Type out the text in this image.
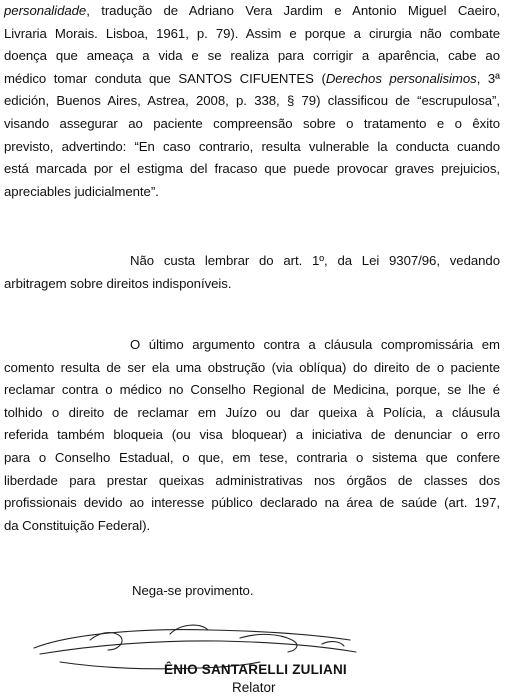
personalidade, tradução de Adriano Vera Jardim e Antonio Miguel Caeiro,
Livraria Morais. Lisboa, 1961, p. 79). Assim e porque a cirurgia não combate
doença que ameaça a vida e se realiza para corrigir a aparência, cabe ao
médico tomar conduta que SANTOS CIFUENTES (Derechos personalisimos, 3ª
edición, Buenos Aires, Astrea, 2008, p. 338, § 79) classificou de “escrupulosa”,
visando assegurar ao paciente compreensão sobre o tratamento e o êxito
previsto, advertindo: “En caso contrario, resulta vulnerable la conducta cuando
está marcada por el estigma del fracaso que puede provocar graves prejuicios,
apreciables judicialmente”.
Não custa lembrar do art. 1º, da Lei 9307/96, vedando
arbitragem sobre direitos indisponíveis.
O último argumento contra a cláusula compromissária em
comento resulta de ser ela uma obstrução (via oblíqua) do direito de o paciente
reclamar contra o médico no Conselho Regional de Medicina, porque, se lhe é
tolhido o direito de reclamar em Juízo ou dar queixa à Polícia, a cláusula
referida também bloqueia (ou visa bloquear) a iniciativa de denunciar o erro
para o Conselho Estadual, o que, em tese, contraria o sistema que confere
liberdade para prestar queixas administrativas nos órgãos de classes dos
profissionais devido ao interesse público declarado na área de saúde (art. 197,
da Constituição Federal).
Nega-se provimento.
ÊNIO SANTARELLI ZULIANI
Relator
